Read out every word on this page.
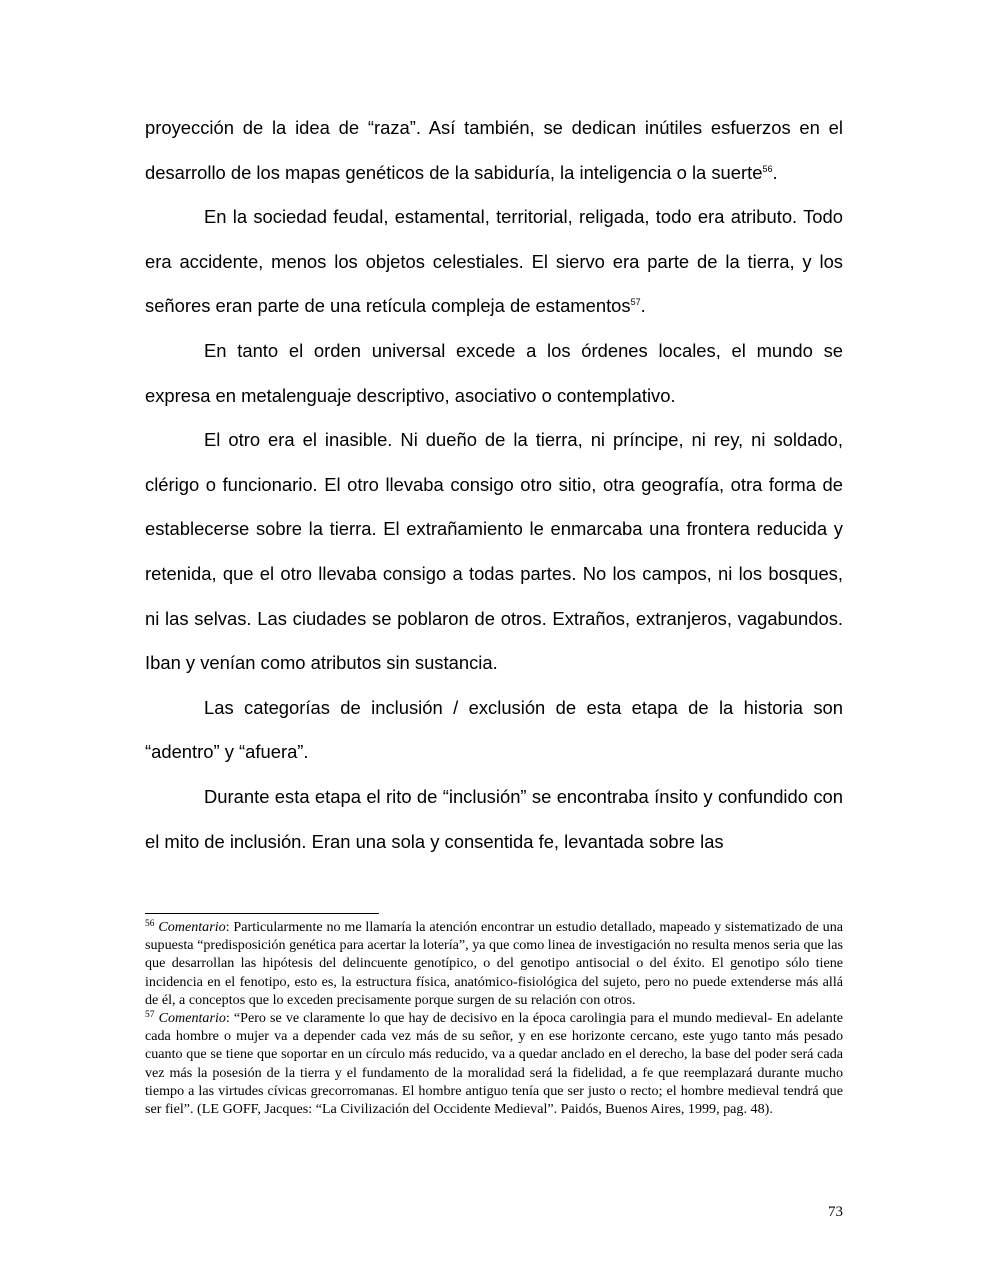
proyección de la idea de “raza”. Así también, se dedican inútiles esfuerzos en el desarrollo de los mapas genéticos de la sabiduría, la inteligencia o la suerte$^{56}$.

En la sociedad feudal, estamental, territorial, religada, todo era atributo. Todo era accidente, menos los objetos celestiales. El siervo era parte de la tierra, y los señores eran parte de una retícula compleja de estamentos$^{57}$.

En tanto el orden universal excede a los órdenes locales, el mundo se expresa en metalenguaje descriptivo, asociativo o contemplativo.

El otro era el inasible. Ni dueño de la tierra, ni príncipe, ni rey, ni soldado, clérigo o funcionario. El otro llevaba consigo otro sitio, otra geografía, otra forma de establecerse sobre la tierra. El extrañamiento le enmarcaba una frontera reducida y retenida, que el otro llevaba consigo a todas partes. No los campos, ni los bosques, ni las selvas. Las ciudades se poblaron de otros. Extraños, extranjeros, vagabundos. Iban y venían como atributos sin sustancia.

Las categorías de inclusión / exclusión de esta etapa de la historia son “adentro” y “afuera”.

Durante esta etapa el rito de “inclusión” se encontraba ínsito y confundido con el mito de inclusión. Eran una sola y consentida fe, levantada sobre las

$^{56}$ Comentario: Particularmente no me llamaría la atención encontrar un estudio detallado, mapeado y sistematizado de una supuesta “predisposición genética para acertar la lotería”, ya que como linea de investigación no resulta menos seria que las que desarrollan las hipótesis del delincuente genotípico, o del genotipo antisocial o del éxito. El genotipo sólo tiene incidencia en el fenotipo, esto es, la estructura física, anatómico-fisiológica del sujeto, pero no puede extenderse más allá de él, a conceptos que lo exceden precisamente porque surgen de su relación con otros.

$^{57}$ Comentario: “Pero se ve claramente lo que hay de decisivo en la época carolingia para el mundo medieval- En adelante cada hombre o mujer va a depender cada vez más de su señor, y en ese horizonte cercano, este yugo tanto más pesado cuanto que se tiene que soportar en un círculo más reducido, va a quedar anclado en el derecho, la base del poder será cada vez más la posesión de la tierra y el fundamento de la moralidad será la fidelidad, a fe que reemplazará durante mucho tiempo a las virtudes cívicas grecorromanas. El hombre antiguo tenía que ser justo o recto; el hombre medieval tendrá que ser fiel”. (LE GOFF, Jacques: “La Civilización del Occidente Medieval”. Paidós, Buenos Aires, 1999, pag. 48).

73
